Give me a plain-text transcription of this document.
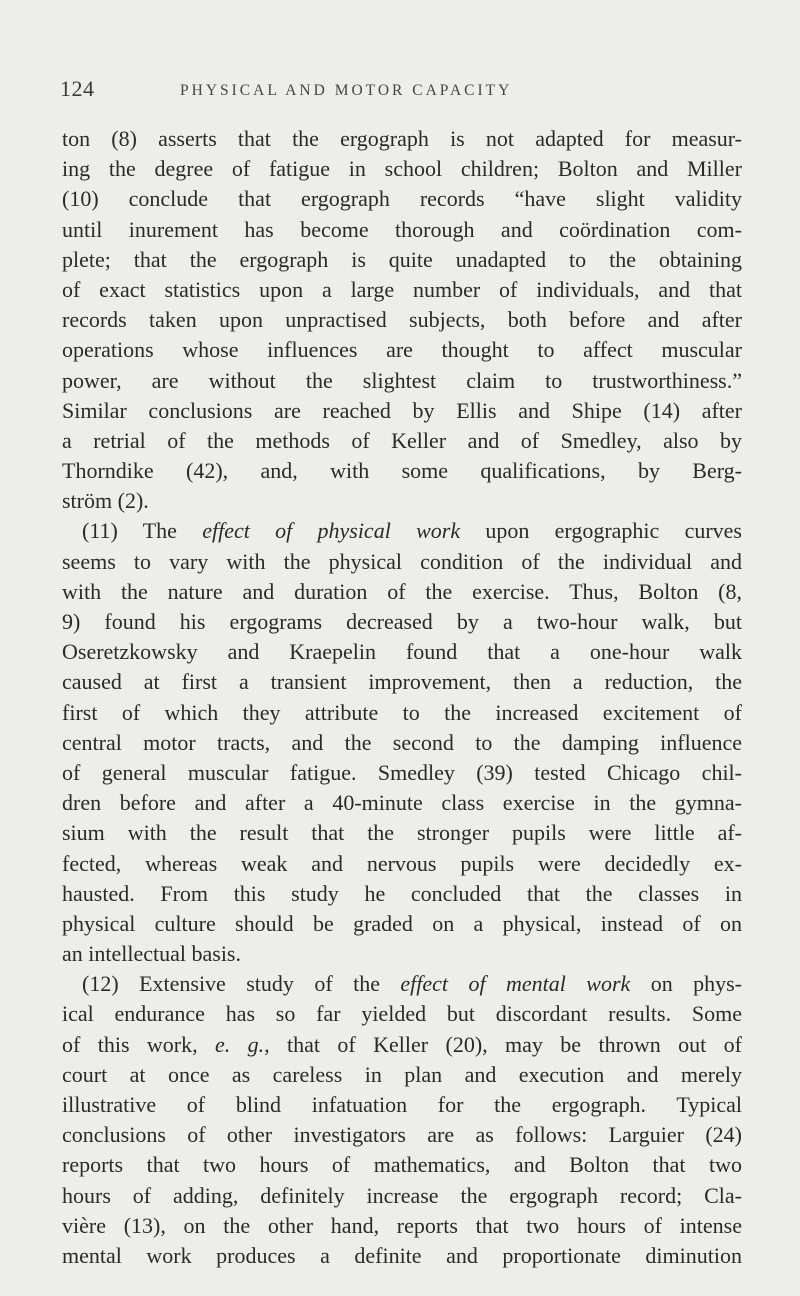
124	PHYSICAL AND MOTOR CAPACITY
ton (8) asserts that the ergograph is not adapted for measur-
ing the degree of fatigue in school children; Bolton and Miller
(10) conclude that ergograph records “have slight validity
until inurement has become thorough and coördination com-
plete; that the ergograph is quite unadapted to the obtaining
of exact statistics upon a large number of individuals, and that
records taken upon unpractised subjects, both before and after
operations whose influences are thought to affect muscular
power, are without the slightest claim to trustworthiness.”
Similar conclusions are reached by Ellis and Shipe (14) after
a retrial of the methods of Keller and of Smedley, also by
Thorndike (42), and, with some qualifications, by Berg-
ström (2).
(11) The effect of physical work upon ergographic curves
seems to vary with the physical condition of the individual and
with the nature and duration of the exercise. Thus, Bolton (8,
9) found his ergograms decreased by a two-hour walk, but
Oseretzkowsky and Kraepelin found that a one-hour walk
caused at first a transient improvement, then a reduction, the
first of which they attribute to the increased excitement of
central motor tracts, and the second to the damping influence
of general muscular fatigue. Smedley (39) tested Chicago chil-
dren before and after a 40-minute class exercise in the gymna-
sium with the result that the stronger pupils were little af-
fected, whereas weak and nervous pupils were decidedly ex-
hausted. From this study he concluded that the classes in
physical culture should be graded on a physical, instead of on
an intellectual basis.
(12) Extensive study of the effect of mental work on phys-
ical endurance has so far yielded but discordant results. Some
of this work, e. g., that of Keller (20), may be thrown out of
court at once as careless in plan and execution and merely
illustrative of blind infatuation for the ergograph. Typical
conclusions of other investigators are as follows: Larguier (24)
reports that two hours of mathematics, and Bolton that two
hours of adding, definitely increase the ergograph record; Cla-
vière (13), on the other hand, reports that two hours of intense
mental work produces a definite and proportionate diminution
